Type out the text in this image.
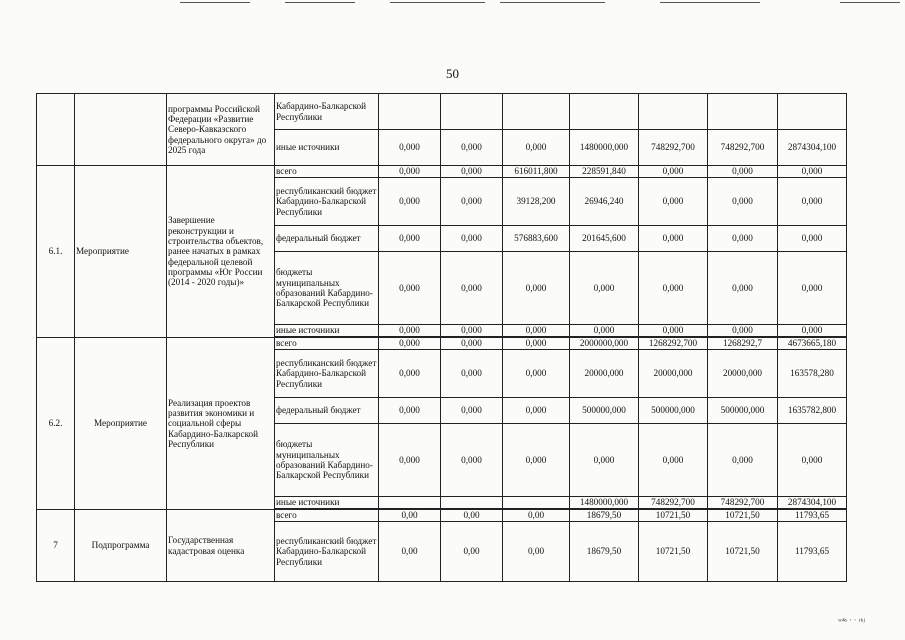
50
		программы Российской Федерации «Развитие Северо-Кавказского федерального округа» до 2025 года	Кабардино-Балкарской Республики							
			иные источники	0,000	0,000	0,000	1480000,000	748292,700	748292,700	2874304,100
6.1.	Мероприятие	Завершение реконструкции и строительства объектов, ранее начатых в рамках федеральной целевой программы «Юг России (2014 - 2020 годы)»	всего	0,000	0,000	616011,800	228591,840	0,000	0,000	0,000
			республиканский бюджет Кабардино-Балкарской Республики	0,000	0,000	39128,200	26946,240	0,000	0,000	0,000
			федеральный бюджет	0,000	0,000	576883,600	201645,600	0,000	0,000	0,000
			бюджеты муниципальных образований Кабардино-Балкарской Республики	0,000	0,000	0,000	0,000	0,000	0,000	0,000
			иные источники	0,000	0,000	0,000	0,000	0,000	0,000	0,000

6.2.	Мероприятие	Реализация проектов развития экономики и социальной сферы Кабардино-Балкарской Республики	всего	0,000	0,000	0,000	2000000,000	1268292,700	1268292,7	4673665,180
			республиканский бюджет Кабардино-Балкарской Республики	0,000	0,000	0,000	20000,000	20000,000	20000,000	163578,280
			федеральный бюджет	0,000	0,000	0,000	500000,000	500000,000	500000,000	1635782,800
			бюджеты муниципальных образований Кабардино-Балкарской Республики	0,000	0,000	0,000	0,000	0,000	0,000	0,000
			иные источники				1480000,000	748292,700	748292,700	2874304,100

7	Подпрограмма	Государственная кадастровая оценка	всего	0,00	0,00	0,00	18679,50	10721,50	10721,50	11793,65
			республиканский бюджет Кабардино-Балкарской Республики	0,00	0,00	0,00	18679,50	10721,50	10721,50	11793,65
ʷ⁴ˢ ˑ ˑ ʳᵏʲ
